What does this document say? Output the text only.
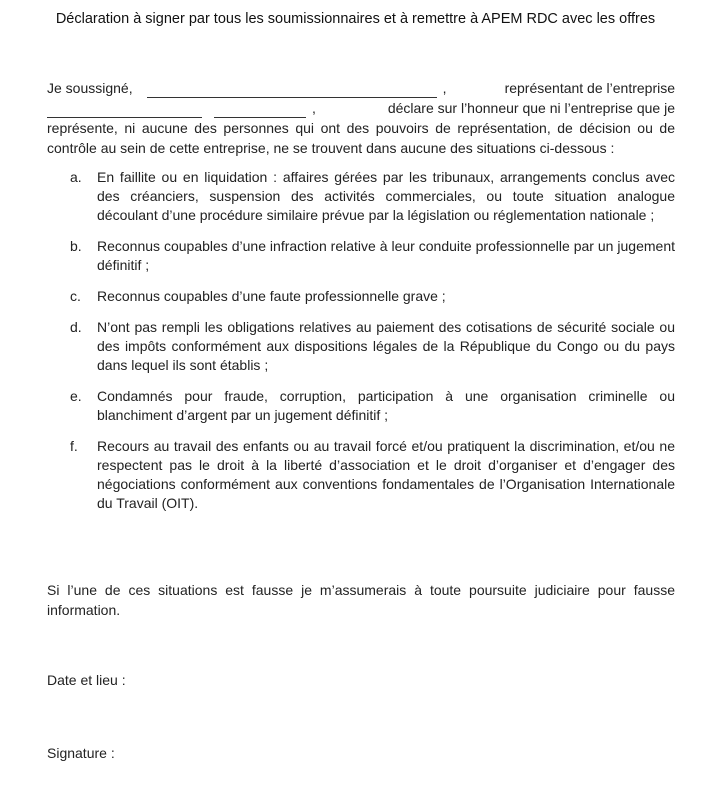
Déclaration à signer par tous les soumissionnaires et à remettre à APEM RDC avec les offres
Je soussigné,	,	représentant de l’entreprise
,	déclare sur l’honneur que ni l’entreprise que je
représente, ni aucune des personnes qui ont des pouvoirs de représentation, de décision ou de contrôle au sein de cette entreprise, ne se trouvent dans aucune des situations ci-dessous :
a.	En faillite ou en liquidation : affaires gérées par les tribunaux, arrangements conclus avec des créanciers, suspension des activités commerciales, ou toute situation analogue découlant d’une procédure similaire prévue par la législation ou réglementation nationale ;
b.	Reconnus coupables d’une infraction relative à leur conduite professionnelle par un jugement définitif ;
c.	Reconnus coupables d’une faute professionnelle grave ;
d.	N’ont pas rempli les obligations relatives au paiement des cotisations de sécurité sociale ou des impôts conformément aux dispositions légales de la République du Congo ou du pays dans lequel ils sont établis ;
e.	Condamnés pour fraude, corruption, participation à une organisation criminelle ou blanchiment d’argent par un jugement définitif ;
f.	Recours au travail des enfants ou au travail forcé et/ou pratiquent la discrimination, et/ou ne respectent pas le droit à la liberté d’association et le droit d’organiser et d’engager des négociations conformément aux conventions fondamentales de l’Organisation Internationale du Travail (OIT).
Si l’une de ces situations est fausse je m’assumerais à toute poursuite judiciaire pour fausse information.
Date et lieu :
Signature :
